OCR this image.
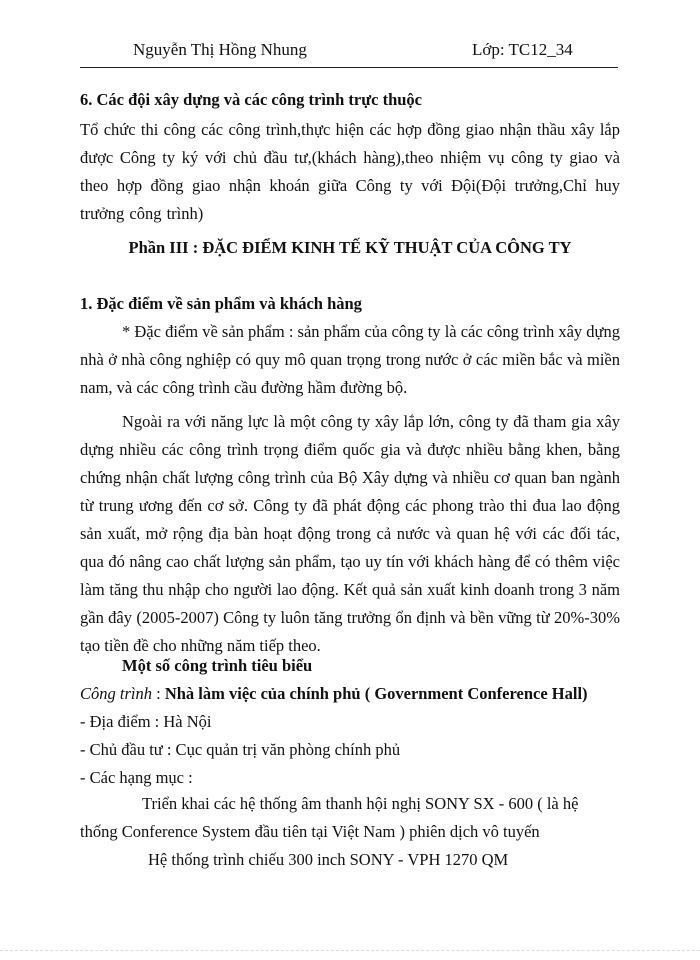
Nguyễn Thị Hồng Nhung	Lớp: TC12_34
6. Các đội xây dựng và các công trình trực thuộc
Tổ chức thi công các công trình,thực hiện các hợp đồng giao nhận thầu xây lắp được Công ty ký với chủ đầu tư,(khách hàng),theo nhiệm vụ công ty giao và theo hợp đồng giao nhận khoán giữa Công ty với Đội(Đội trưởng,Chỉ huy trưởng công trình)
Phần III : ĐẶC ĐIỂM KINH TẾ KỸ THUẬT CỦA CÔNG TY
1. Đặc điểm về sản phẩm và khách hàng
* Đặc điểm về sản phẩm : sản phẩm của công ty là các công trình xây dựng nhà ở nhà công nghiệp có quy mô quan trọng trong nước ở các miền bắc và miền nam, và các công trình cầu đường hầm đường bộ.
Ngoài ra với năng lực là một công ty xây lắp lớn, công ty đã tham gia xây dựng nhiều các công trình trọng điểm quốc gia và được nhiều bằng khen, bằng chứng nhận chất lượng công trình của Bộ Xây dựng và nhiều cơ quan ban ngành từ trung ương đến cơ sở. Công ty đã phát động các phong trào thi đua lao động sản xuất, mở rộng địa bàn hoạt động trong cả nước và quan hệ với các đối tác, qua đó nâng cao chất lượng sản phẩm, tạo uy tín với khách hàng để có thêm việc làm tăng thu nhập cho người lao động. Kết quả sản xuất kinh doanh trong 3 năm gần đây (2005-2007) Công ty luôn tăng trưởng ổn định và bền vững từ 20%-30% tạo tiền đề cho những năm tiếp theo.
Một số công trình tiêu biểu
Công trình : Nhà làm việc của chính phủ ( Government Conference Hall)
- Địa điểm : Hà Nội
- Chủ đầu tư : Cục quản trị văn phòng chính phủ
- Các hạng mục :
Triển khai các hệ thống âm thanh hội nghị SONY SX - 600 ( là hệ thống Conference System đầu tiên tại Việt Nam ) phiên dịch vô tuyến
Hệ thống trình chiếu 300 inch SONY - VPH 1270 QM
